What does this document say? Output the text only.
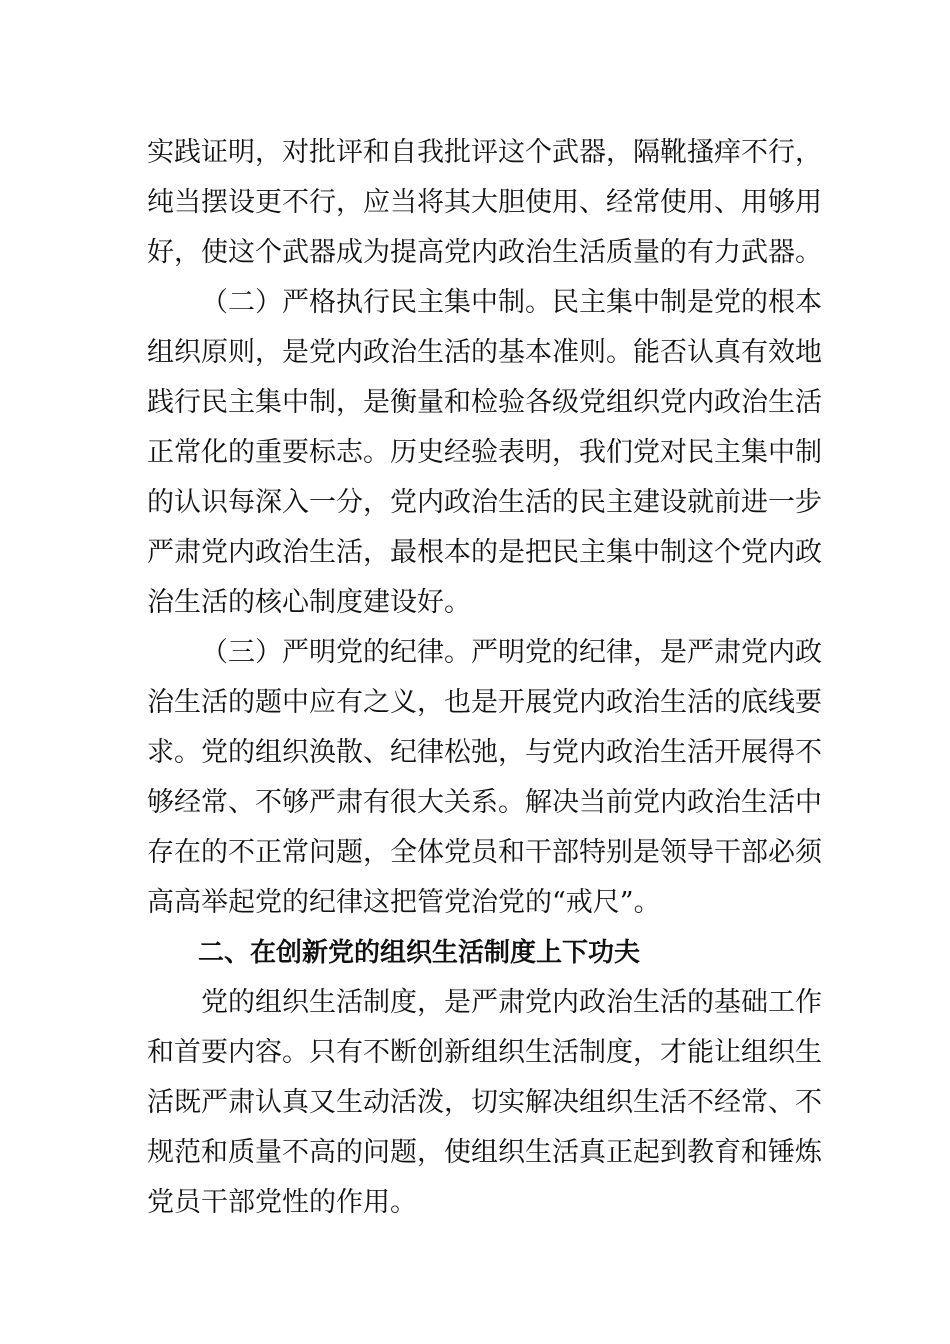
实践证明，对批评和自我批评这个武器，隔靴搔痒不行，
纯当摆设更不行，应当将其大胆使用、经常使用、用够用
好，使这个武器成为提高党内政治生活质量的有力武器。
（二）严格执行民主集中制。民主集中制是党的根本
组织原则，是党内政治生活的基本准则。能否认真有效地
践行民主集中制，是衡量和检验各级党组织党内政治生活
正常化的重要标志。历史经验表明，我们党对民主集中制
的认识每深入一分，党内政治生活的民主建设就前进一步
严肃党内政治生活，最根本的是把民主集中制这个党内政
治生活的核心制度建设好。
（三）严明党的纪律。严明党的纪律，是严肃党内政
治生活的题中应有之义，也是开展党内政治生活的底线要
求。党的组织涣散、纪律松弛，与党内政治生活开展得不
够经常、不够严肃有很大关系。解决当前党内政治生活中
存在的不正常问题，全体党员和干部特别是领导干部必须
高高举起党的纪律这把管党治党的“戒尺”。
二、在创新党的组织生活制度上下功夫
党的组织生活制度，是严肃党内政治生活的基础工作
和首要内容。只有不断创新组织生活制度，才能让组织生
活既严肃认真又生动活泼，切实解决组织生活不经常、不
规范和质量不高的问题，使组织生活真正起到教育和锤炼
党员干部党性的作用。
